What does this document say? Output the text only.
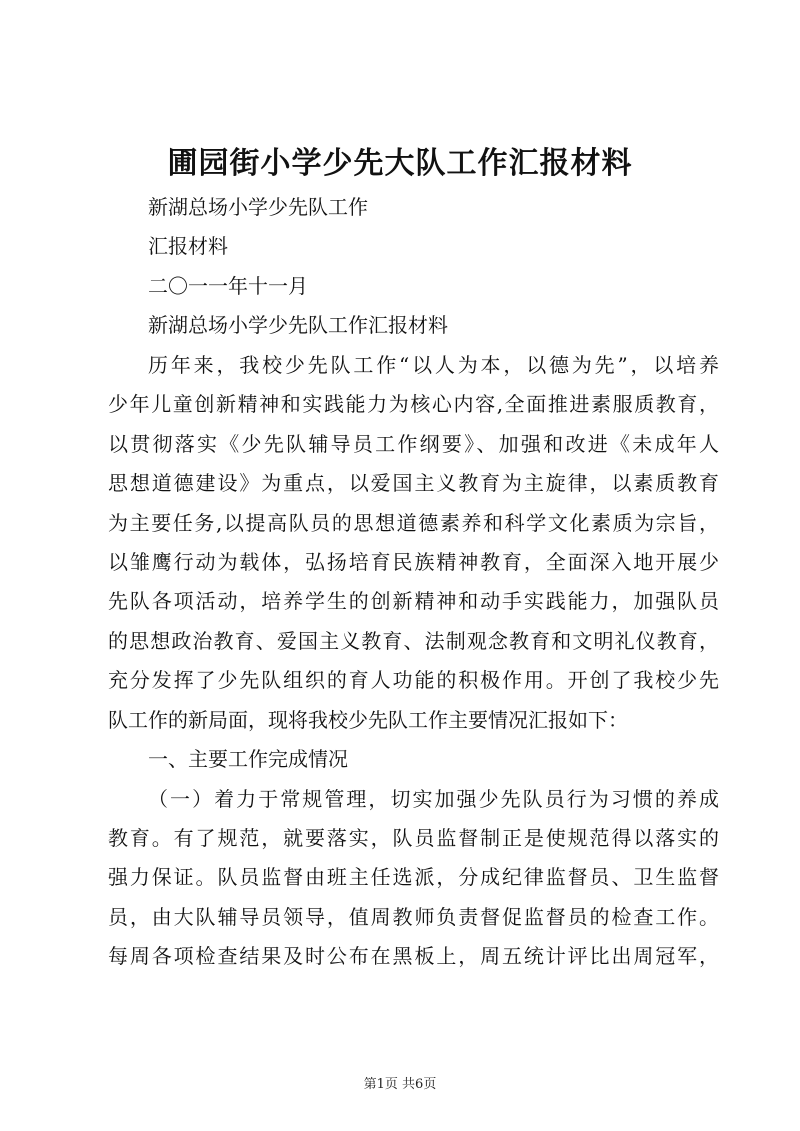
圃园街小学少先大队工作汇报材料
新湖总场小学少先队工作
汇报材料
二〇一一年十一月
新湖总场小学少先队工作汇报材料
历年来，我校少先队工作“以人为本，以德为先”，以培养
少年儿童创新精神和实践能力为核心内容,全面推进素服质教育，
以贯彻落实《少先队辅导员工作纲要》、加强和改进《未成年人
思想道德建设》为重点，以爱国主义教育为主旋律，以素质教育
为主要任务,以提高队员的思想道德素养和科学文化素质为宗旨，
以雏鹰行动为载体，弘扬培育民族精神教育，全面深入地开展少
先队各项活动，培养学生的创新精神和动手实践能力，加强队员
的思想政治教育、爱国主义教育、法制观念教育和文明礼仪教育，
充分发挥了少先队组织的育人功能的积极作用。开创了我校少先
队工作的新局面，现将我校少先队工作主要情况汇报如下：
一、主要工作完成情况
（一）着力于常规管理，切实加强少先队员行为习惯的养成
教育。有了规范，就要落实，队员监督制正是使规范得以落实的
强力保证。队员监督由班主任选派，分成纪律监督员、卫生监督
员，由大队辅导员领导，值周教师负责督促监督员的检查工作。
每周各项检查结果及时公布在黑板上，周五统计评比出周冠军，
第1页 共6页
